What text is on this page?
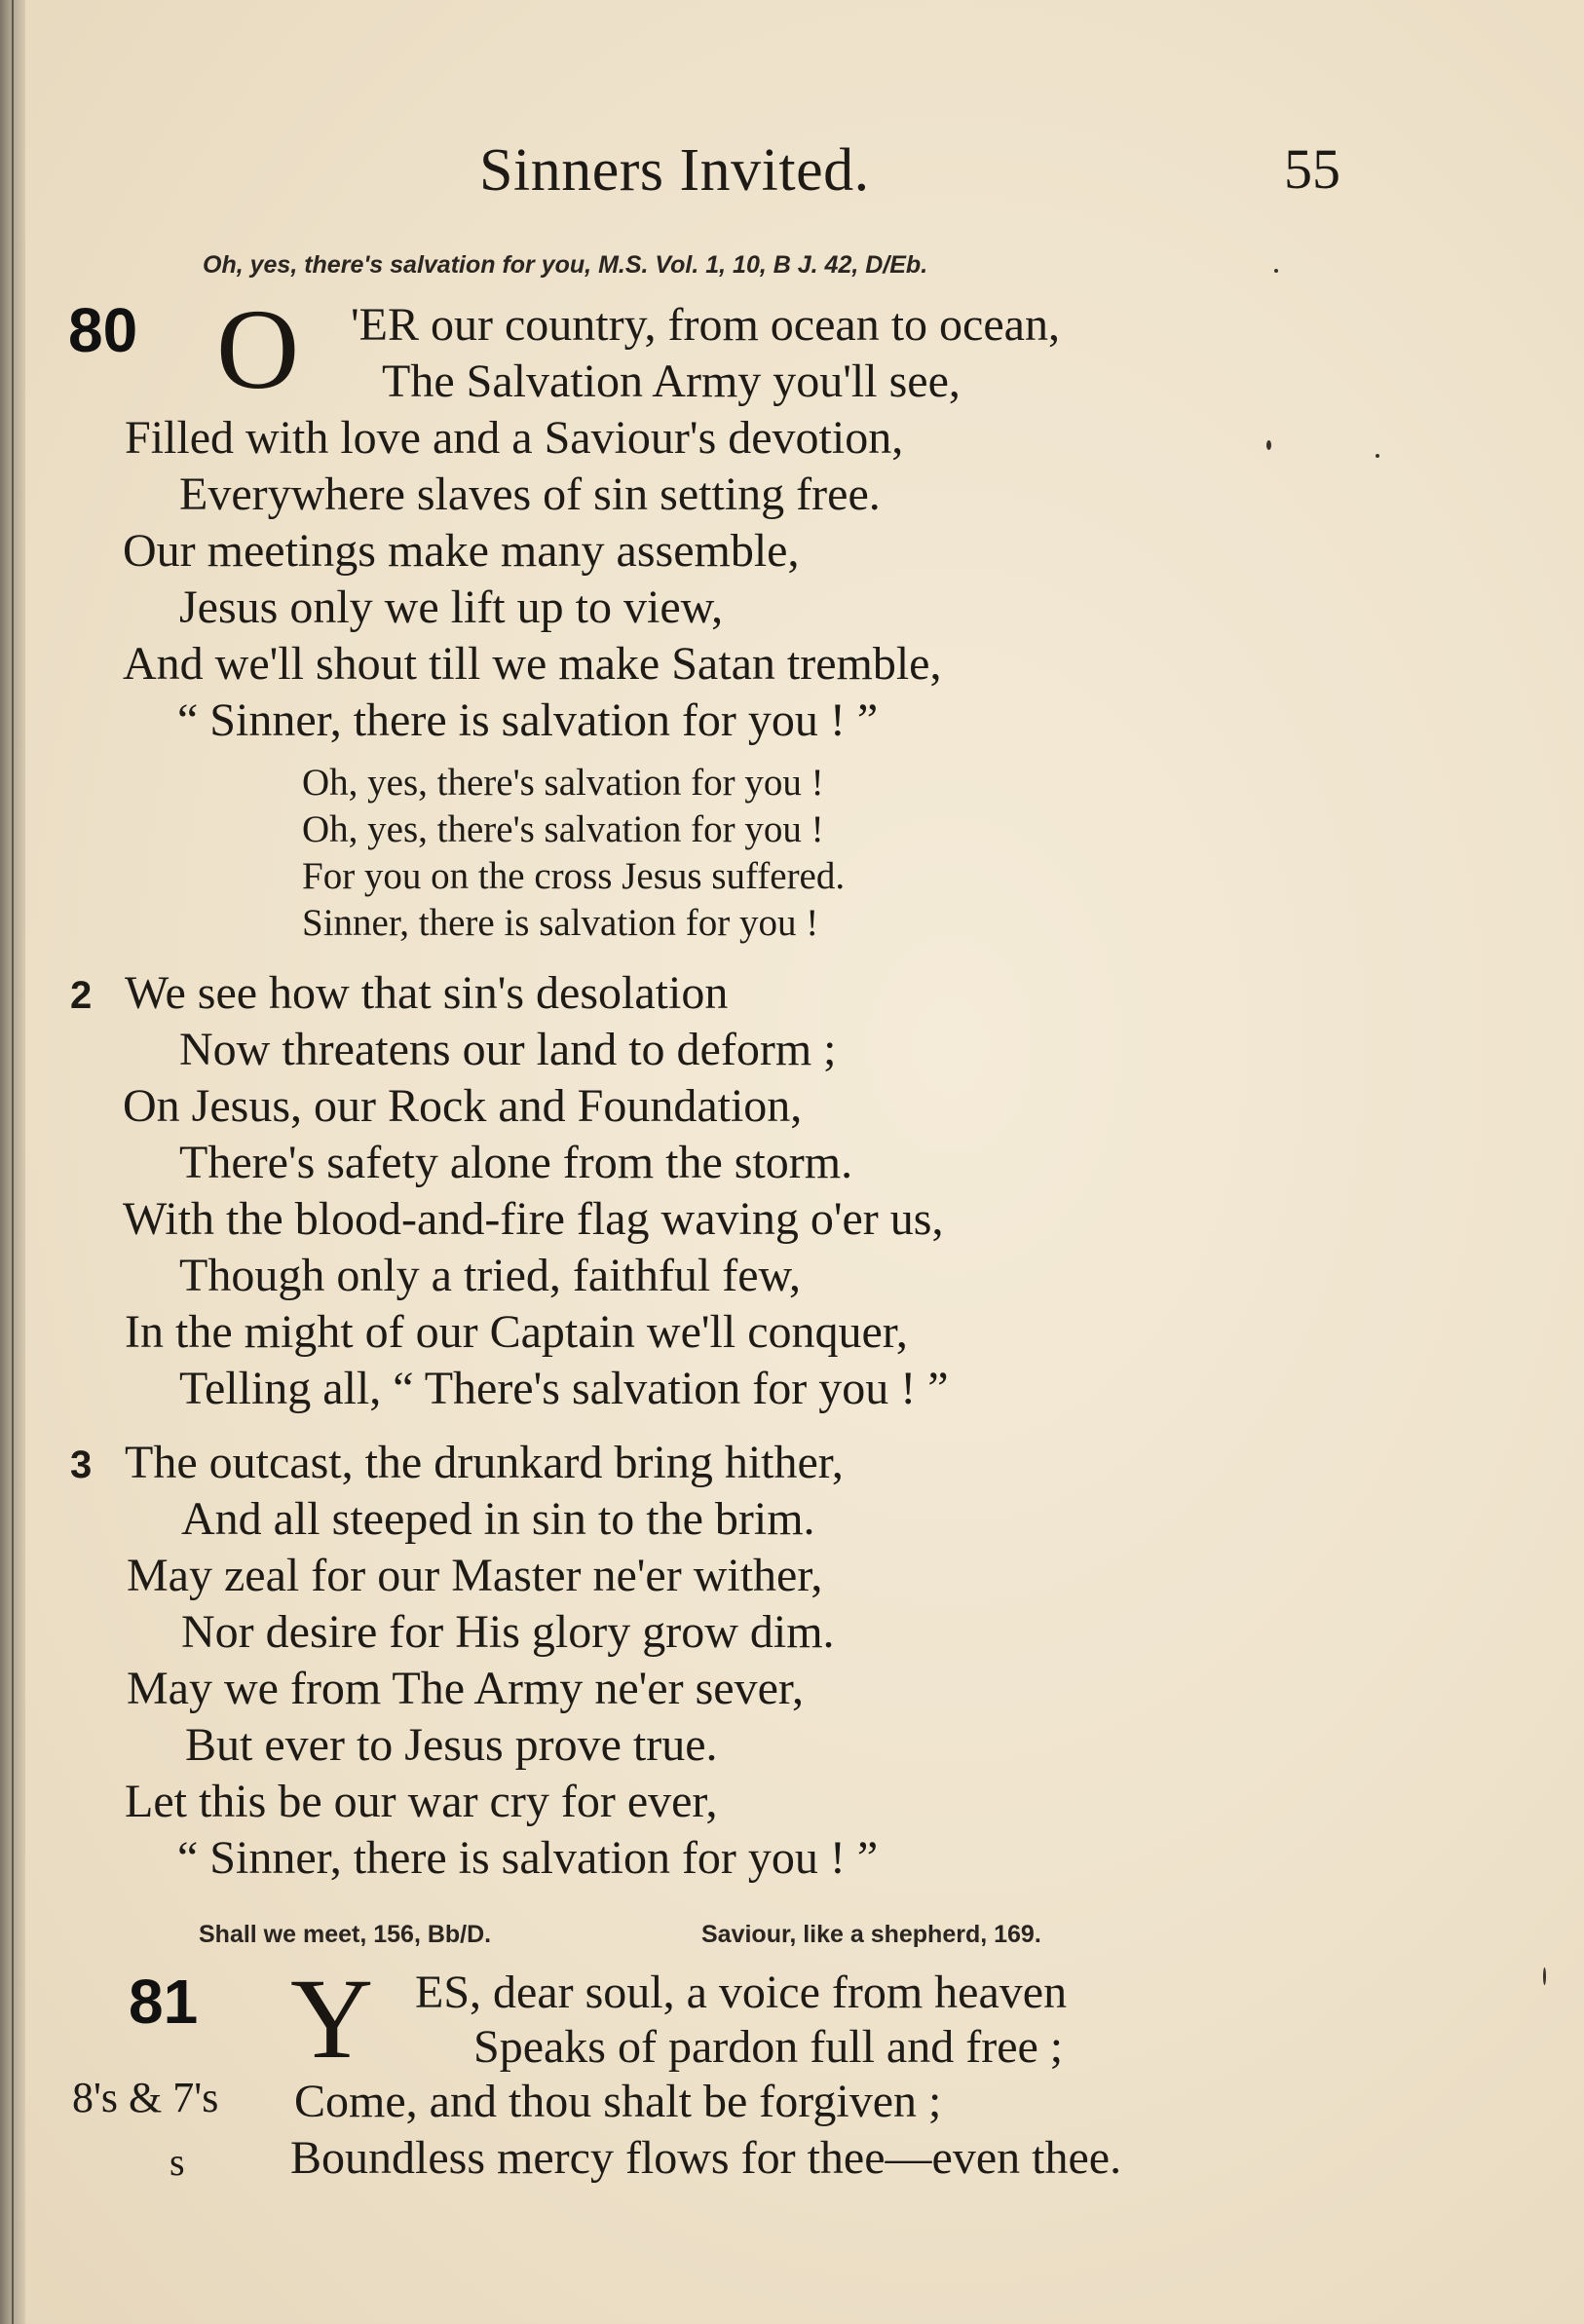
Sinners Invited.	55
Oh, yes, there's salvation for you, M.S. Vol. 1, 10, B J. 42, D/Eb.
80 O 'ER our country, from ocean to ocean,
The Salvation Army you'll see,
Filled with love and a Saviour's devotion,
Everywhere slaves of sin setting free.
Our meetings make many assemble,
Jesus only we lift up to view,
And we'll shout till we make Satan tremble,
“ Sinner, there is salvation for you ! ”
Oh, yes, there's salvation for you !
Oh, yes, there's salvation for you !
For you on the cross Jesus suffered.
Sinner, there is salvation for you !
2 We see how that sin's desolation
Now threatens our land to deform ;
On Jesus, our Rock and Foundation,
There's safety alone from the storm.
With the blood-and-fire flag waving o'er us,
Though only a tried, faithful few,
In the might of our Captain we'll conquer,
Telling all, “ There's salvation for you ! ”
3 The outcast, the drunkard bring hither,
And all steeped in sin to the brim.
May zeal for our Master ne'er wither,
Nor desire for His glory grow dim.
May we from The Army ne'er sever,
But ever to Jesus prove true.
Let this be our war cry for ever,
“ Sinner, there is salvation for you ! ”
Shall we meet, 156, Bb/D.	Saviour, like a shepherd, 169.
81 Y ES, dear soul, a voice from heaven
Speaks of pardon full and free ;
8's & 7's Come, and thou shalt be forgiven ;
s Boundless mercy flows for thee—even thee.
